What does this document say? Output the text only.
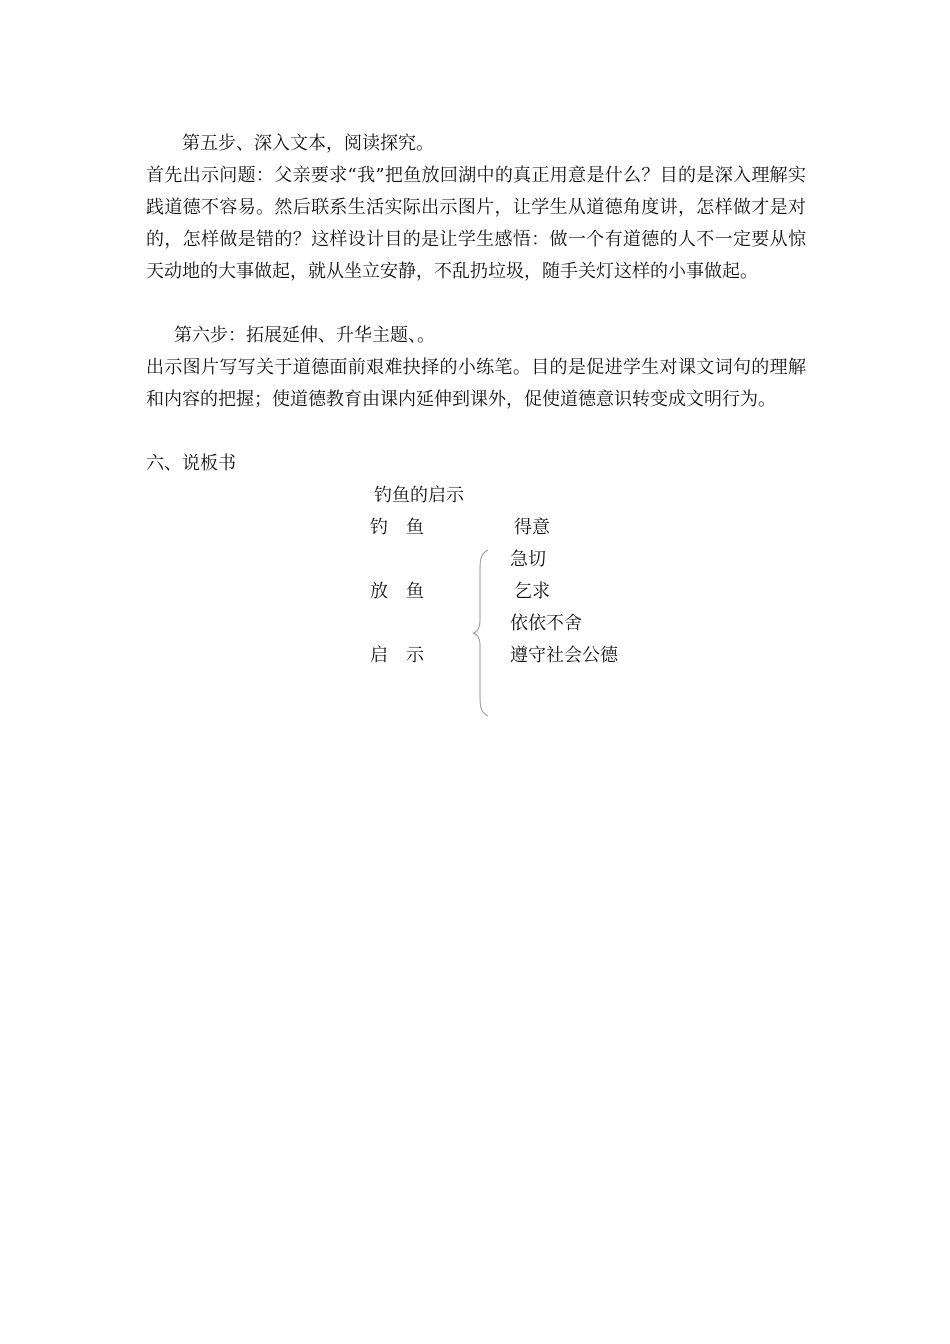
第五步、深入文本，阅读探究。
首先出示问题：父亲要求“我”把鱼放回湖中的真正用意是什么？目的是深入理解实践道德不容易。然后联系生活实际出示图片，让学生从道德角度讲，怎样做才是对的，怎样做是错的？这样设计目的是让学生感悟：做一个有道德的人不一定要从惊天动地的大事做起，就从坐立安静，不乱扔垃圾，随手关灯这样的小事做起。
第六步：拓展延伸、升华主题、。
出示图片写写关于道德面前艰难抉择的小练笔。目的是促进学生对课文词句的理解和内容的把握；使道德教育由课内延伸到课外，促使道德意识转变成文明行为。
六、说板书
钓鱼的启示
钓　鱼
放　鱼
启　示
得意
急切
乞求
依依不舍
遵守社会公德
